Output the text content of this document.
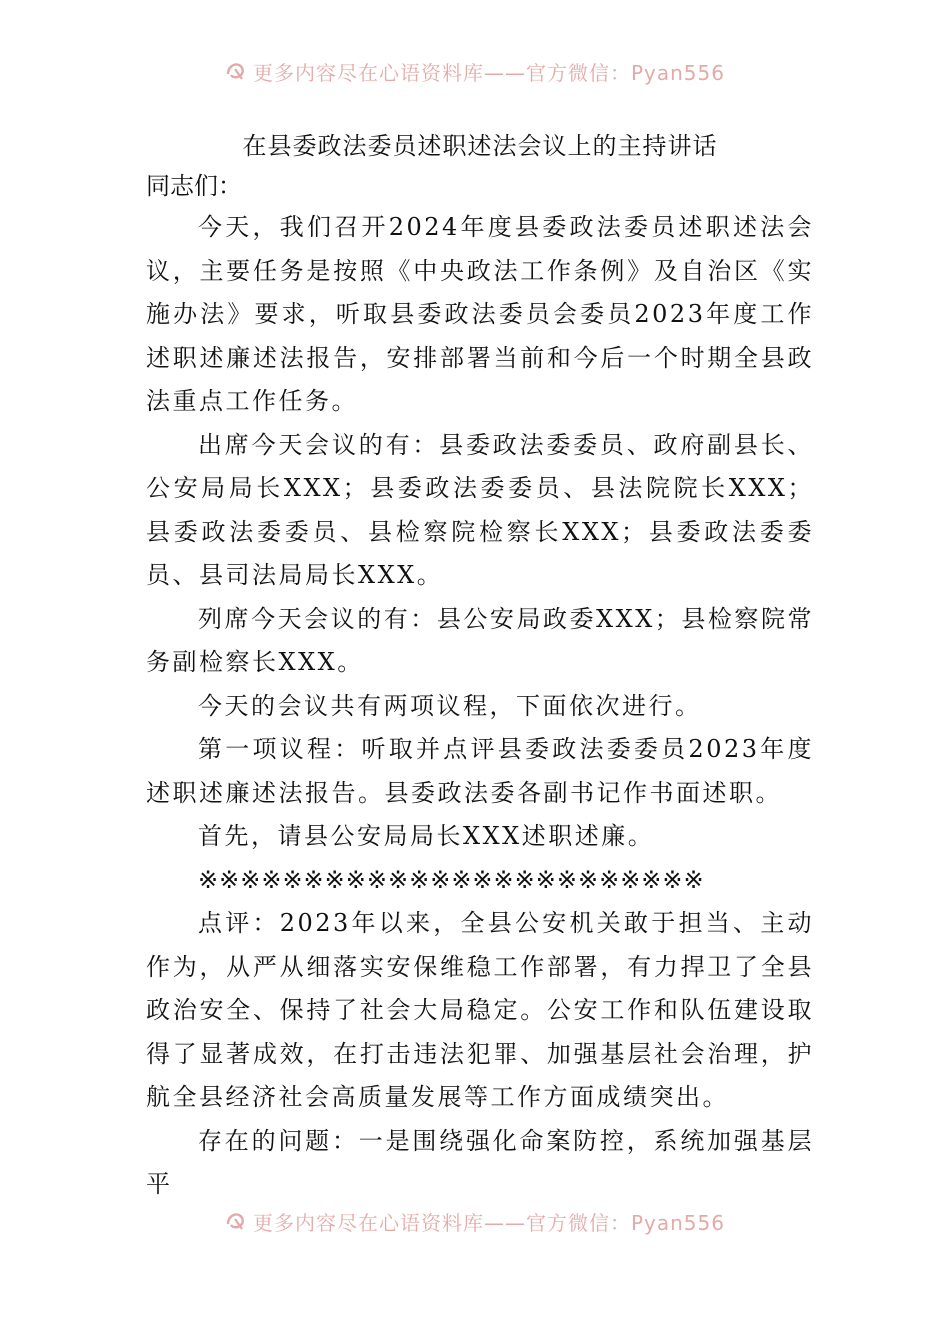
更多内容尽在心语资料库——官方微信：Pyan556
在县委政法委员述职述法会议上的主持讲话

同志们：

今天，我们召开2024年度县委政法委员述职述法会议，主要任务是按照《中央政法工作条例》及自治区《实施办法》要求，听取县委政法委员会委员2023年度工作述职述廉述法报告，安排部署当前和今后一个时期全县政法重点工作任务。

出席今天会议的有：县委政法委委员、政府副县长、公安局局长XXX；县委政法委委员、县法院院长XXX；县委政法委委员、县检察院检察长XXX；县委政法委委员、县司法局局长XXX。

列席今天会议的有：县公安局政委XXX；县检察院常务副检察长XXX。

今天的会议共有两项议程，下面依次进行。

第一项议程：听取并点评县委政法委委员2023年度述职述廉述法报告。县委政法委各副书记作书面述职。

首先，请县公安局局长XXX述职述廉。

※※※※※※※※※※※※※※※※※※※※※※※※

点评：2023年以来，全县公安机关敢于担当、主动作为，从严从细落实安保维稳工作部署，有力捍卫了全县政治安全、保持了社会大局稳定。公安工作和队伍建设取得了显著成效，在打击违法犯罪、加强基层社会治理，护航全县经济社会高质量发展等工作方面成绩突出。

存在的问题：一是围绕强化命案防控，系统加强基层平

更多内容尽在心语资料库——官方微信：Pyan556
